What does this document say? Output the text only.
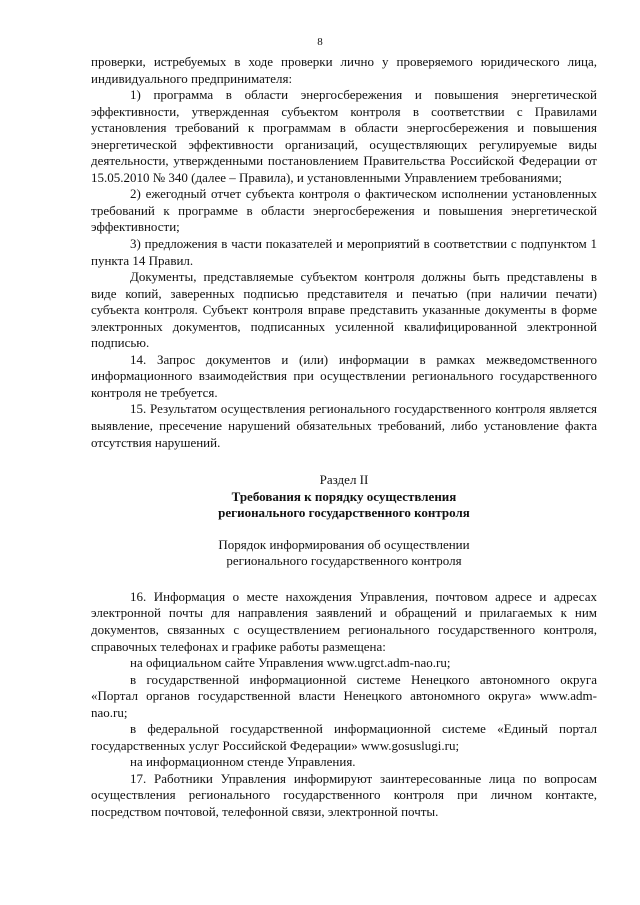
8

проверки, истребуемых в ходе проверки лично у проверяемого юридического лица, индивидуального предпринимателя:

1) программа в области энергосбережения и повышения энергетической эффективности, утвержденная субъектом контроля в соответствии с Правилами установления требований к программам в области энергосбережения и повышения энергетической эффективности организаций, осуществляющих регулируемые виды деятельности, утвержденными постановлением Правительства Российской Федерации от 15.05.2010 № 340 (далее – Правила), и установленными Управлением требованиями;

2) ежегодный отчет субъекта контроля о фактическом исполнении установленных требований к программе в области энергосбережения и повышения энергетической эффективности;

3) предложения в части показателей и мероприятий в соответствии с подпунктом 1 пункта 14 Правил.

Документы, представляемые субъектом контроля должны быть представлены в виде копий, заверенных подписью представителя и печатью (при наличии печати) субъекта контроля. Субъект контроля вправе представить указанные документы в форме электронных документов, подписанных усиленной квалифицированной электронной подписью.

14. Запрос документов и (или) информации в рамках межведомственного информационного взаимодействия при осуществлении регионального государственного контроля не требуется.

15. Результатом осуществления регионального государственного контроля является выявление, пресечение нарушений обязательных требований, либо установление факта отсутствия нарушений.

Раздел II
Требования к порядку осуществления
регионального государственного контроля
Порядок информирования об осуществлении
регионального государственного контроля

16. Информация о месте нахождения Управления, почтовом адресе и адресах электронной почты для направления заявлений и обращений и прилагаемых к ним документов, связанных с осуществлением регионального государственного контроля, справочных телефонах и графике работы размещена:

на официальном сайте Управления www.ugrct.adm-nao.ru;

в государственной информационной системе Ненецкого автономного округа «Портал органов государственной власти Ненецкого автономного округа» www.adm-nao.ru;

в федеральной государственной информационной системе «Единый портал государственных услуг Российской Федерации» www.gosuslugi.ru;

на информационном стенде Управления.

17. Работники Управления информируют заинтересованные лица по вопросам осуществления регионального государственного контроля при личном контакте, посредством почтовой, телефонной связи, электронной почты.
